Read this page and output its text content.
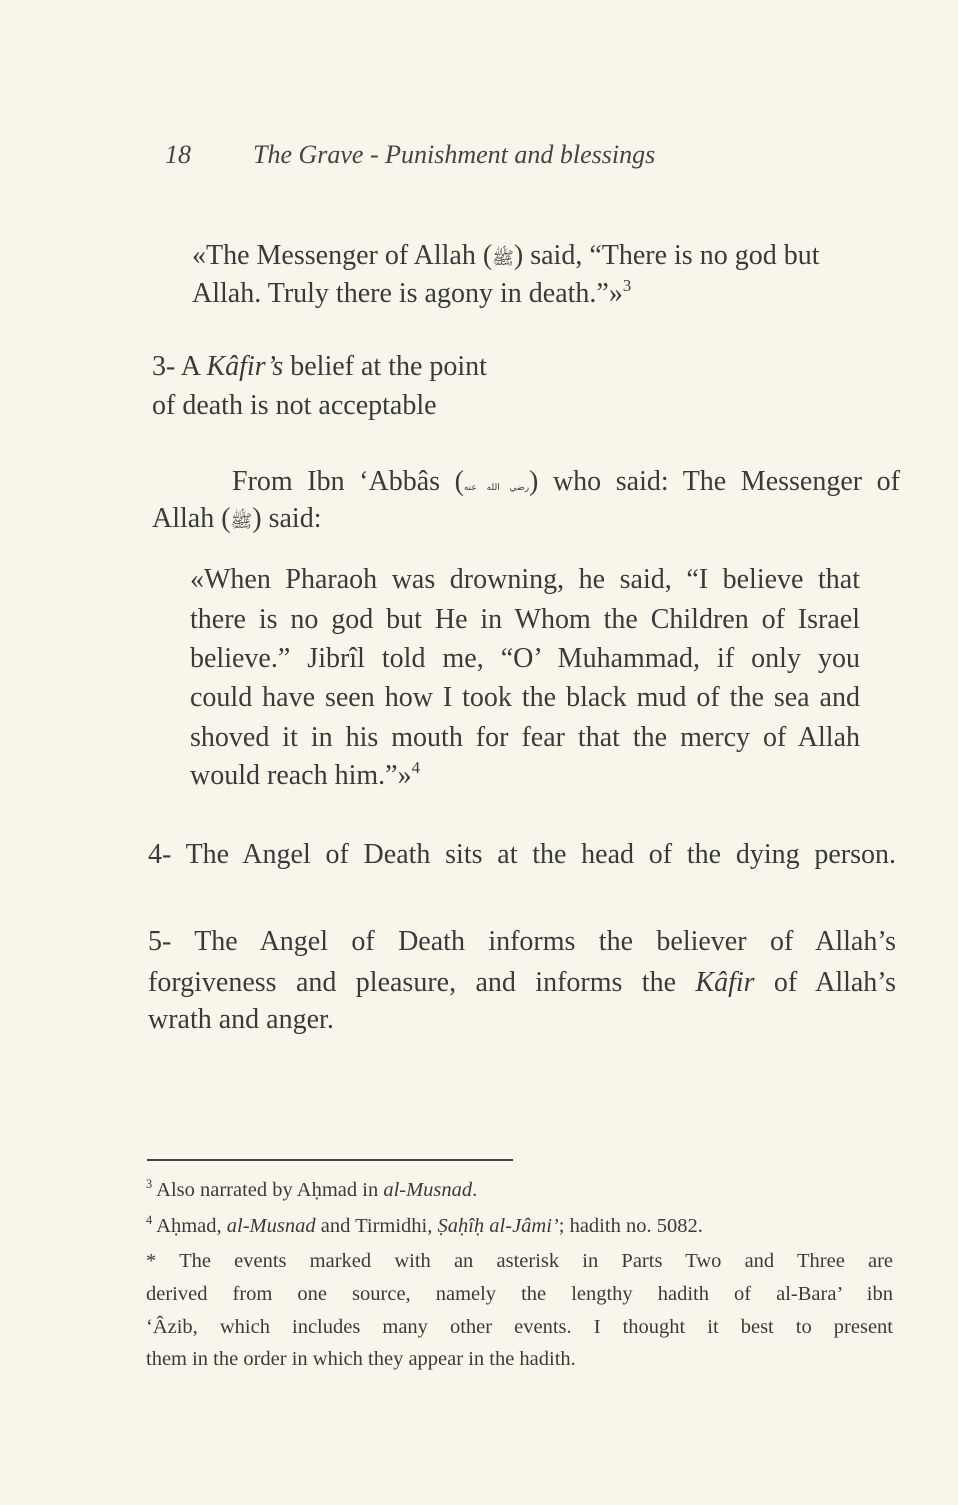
18 The Grave - Punishment and blessings
«The Messenger of Allah (ﷺ) said, “There is no god but
Allah. Truly there is agony in death.”»$^3$
3- A Kâfir’s belief at the point
of death is not acceptable
From Ibn ‘Abbâs (رضي الله عنه) who said: The Messenger of
Allah (ﷺ) said:
«When Pharaoh was drowning, he said, “I believe that
there is no god but He in Whom the Children of Israel
believe.” Jibrîl told me, “O’ Muhammad, if only you
could have seen how I took the black mud of the sea and
shoved it in his mouth for fear that the mercy of Allah
would reach him.”»$^4$
4- The Angel of Death sits at the head of the dying person.
5- The Angel of Death informs the believer of Allah’s
forgiveness and pleasure, and informs the Kâfir of Allah’s
wrath and anger.
$^3$ Also narrated by Aḥmad in al-Musnad.
$^4$ Aḥmad, al-Musnad and Tirmidhi, Ṣaḥîḥ al-Jâmi’; hadith no. 5082.
* The events marked with an asterisk in Parts Two and Three are
derived from one source, namely the lengthy hadith of al-Bara’ ibn
‘Âzib, which includes many other events. I thought it best to present
them in the order in which they appear in the hadith.
